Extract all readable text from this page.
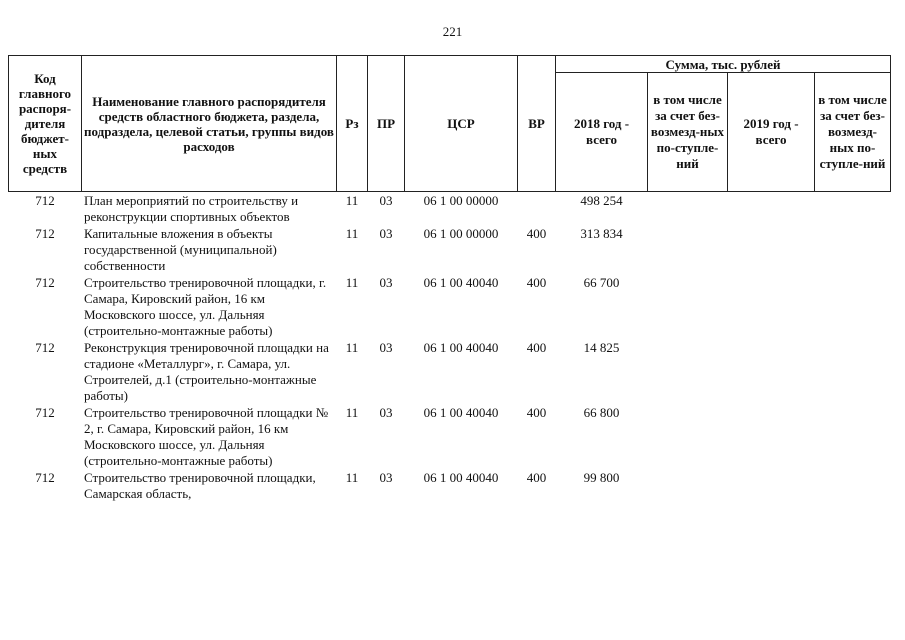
221
Код главного распоря-дителя бюджет-ных средств	Наименование главного распорядителя средств областного бюджета, раздела, подраздела, целевой статьи, группы видов расходов	Рз	ПР	ЦСР	ВР	Сумма, тыс. рублей			
						2018 год - всего	в том числе за счет без-возмезд-ных по-ступле-ний	2019 год - всего	в том числе за счет без-возмезд-ных по-ступле-ний
712	План мероприятий по строительству и реконструкции спортивных объектов	11	03	06 1 00 00000		498 254			
712	Капитальные вложения в объекты государственной (муниципальной) собственности	11	03	06 1 00 00000	400	313 834			
712	Строительство тренировочной площадки, г. Самара, Кировский район, 16 км Московского шоссе, ул. Дальняя (строительно-монтажные работы)	11	03	06 1 00 40040	400	66 700			
712	Реконструкция тренировочной площадки на стадионе «Металлург», г. Самара, ул. Строителей, д.1 (строительно-монтажные работы)	11	03	06 1 00 40040	400	14 825			
712	Строительство тренировочной площадки № 2, г. Самара, Кировский район, 16 км Московского шоссе, ул. Дальняя (строительно-монтажные работы)	11	03	06 1 00 40040	400	66 800			
712	Строительство тренировочной площадки, Самарская область,	11	03	06 1 00 40040	400	99 800			
